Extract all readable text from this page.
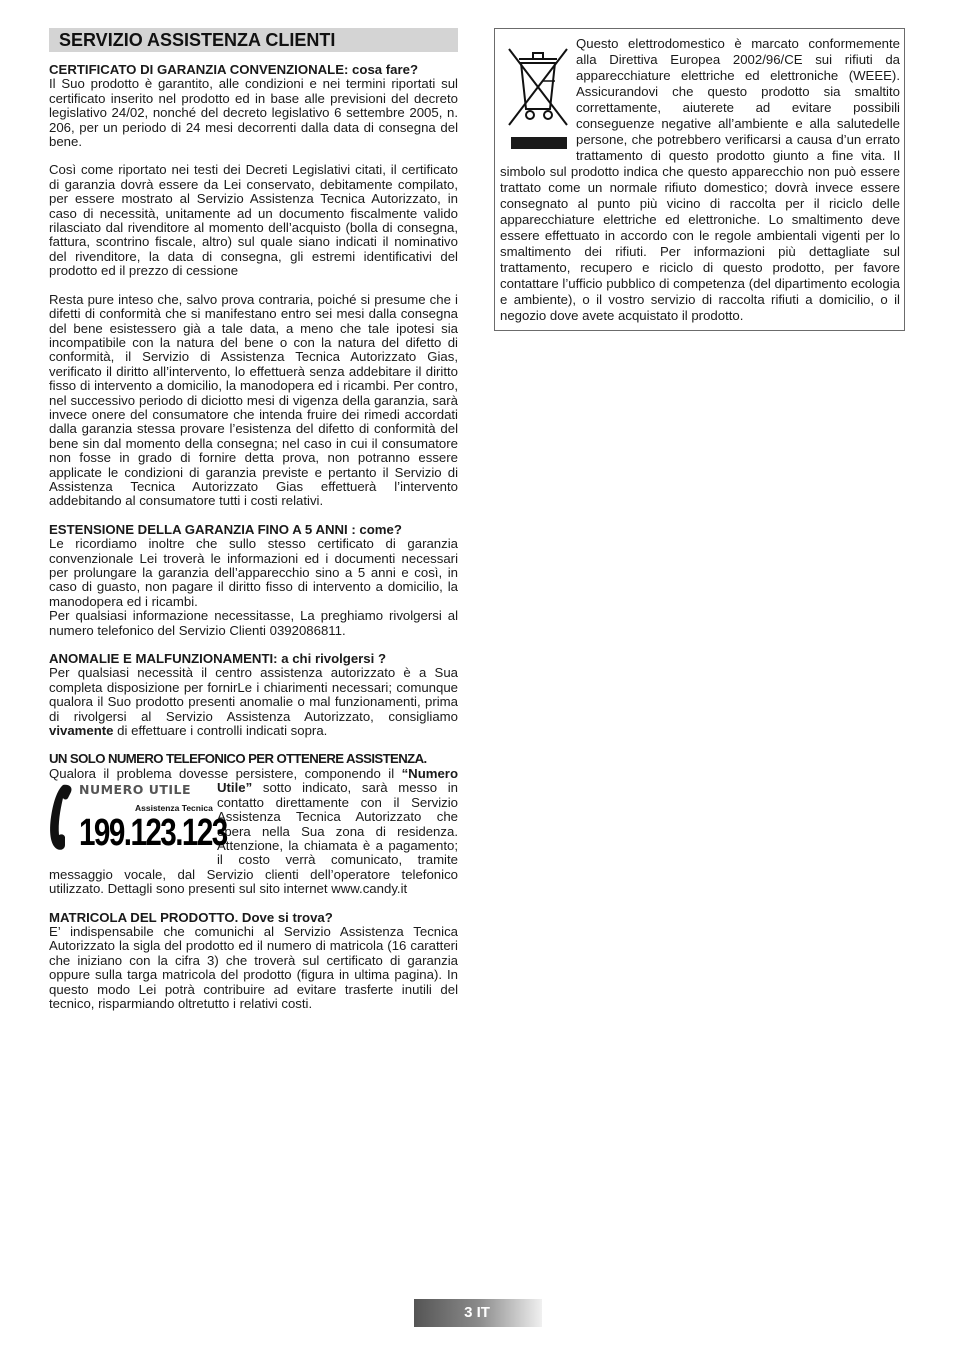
SERVIZIO ASSISTENZA CLIENTI
CERTIFICATO DI GARANZIA CONVENZIONALE: cosa fare?
Il Suo prodotto è garantito, alle condizioni e nei termini riportati sul certificato inserito nel prodotto ed in base alle previsioni del decreto legislativo 24/02, nonché del decreto legislativo 6 settembre 2005, n. 206, per un periodo di 24 mesi decorrenti dalla data di consegna del bene.
Così come riportato nei testi dei Decreti Legislativi citati, il certificato di garanzia dovrà essere da Lei conservato, debitamente compilato, per essere mostrato al Servizio Assistenza Tecnica Autorizzato, in caso di necessità, unitamente ad un documento fiscalmente valido rilasciato dal rivenditore al momento dell’acquisto (bolla di consegna, fattura, scontrino fiscale, altro) sul quale siano indicati il nominativo del rivenditore, la data di consegna, gli estremi identificativi del prodotto ed il prezzo di cessione
Resta pure inteso che, salvo prova contraria, poiché si presume che i difetti di conformità che si manifestano entro sei mesi dalla consegna del bene esistessero già a tale data, a meno che tale ipotesi sia incompatibile con la natura del bene o con la natura del difetto di conformità, il Servizio di Assistenza Tecnica Autorizzato Gias, verificato il diritto all’intervento, lo effettuerà senza addebitare il diritto fisso di intervento a domicilio, la manodopera ed i ricambi. Per contro, nel successivo periodo di diciotto mesi di vigenza della garanzia, sarà invece onere del consumatore che intenda fruire dei rimedi accordati dalla garanzia stessa provare l’esistenza del difetto di conformità del bene sin dal momento della consegna; nel caso in cui il consumatore non fosse in grado di fornire detta prova, non potranno essere applicate le condizioni di garanzia previste e pertanto il Servizio di Assistenza Tecnica Autorizzato Gias effettuerà l’intervento addebitando al consumatore tutti i costi relativi.
ESTENSIONE DELLA GARANZIA FINO A 5 ANNI : come?
Le ricordiamo inoltre che sullo stesso certificato di garanzia convenzionale Lei troverà le informazioni ed i documenti necessari per prolungare la garanzia dell’apparecchio sino a 5 anni e così, in caso di guasto, non pagare il diritto fisso di intervento a domicilio, la manodopera ed i ricambi.
Per qualsiasi informazione necessitasse, La preghiamo rivolgersi al numero telefonico del Servizio Clienti 0392086811.
ANOMALIE E MALFUNZIONAMENTI: a chi rivolgersi ?
Per qualsiasi necessità il centro assistenza autorizzato è a Sua completa disposizione per fornirLe i chiarimenti necessari; comunque qualora il Suo prodotto presenti anomalie o mal funzionamenti, prima di rivolgersi al Servizio Assistenza Autorizzato, consigliamo vivamente di effettuare i controlli indicati sopra.
UN SOLO NUMERO TELEFONICO PER OTTENERE ASSISTENZA.
Qualora il problema dovesse persistere, componendo il “Numero Utile”
NUMERO UTILE
Assistenza Tecnica
199.123.123
sotto indicato, sarà messo in contatto direttamente con il Servizio Assistenza Tecnica Autorizzato che opera nella Sua zona di residenza. Attenzione, la chiamata è a pagamento; il costo verrà comunicato, tramite messaggio vocale, dal Servizio clienti dell’operatore telefonico utilizzato. Dettagli sono presenti sul sito internet www.candy.it
MATRICOLA DEL PRODOTTO. Dove si trova?
E’ indispensabile che comunichi al Servizio Assistenza Tecnica Autorizzato la sigla del prodotto ed il numero di matricola (16 caratteri che iniziano con la cifra 3) che troverà sul certificato di garanzia oppure sulla targa matricola del prodotto (figura in ultima pagina). In questo modo Lei potrà contribuire ad evitare trasferte inutili del tecnico, risparmiando oltretutto i relativi costi.
Questo elettrodomestico è marcato conformemente alla Direttiva Europea 2002/96/CE sui rifiuti da apparecchiature elettriche ed elettroniche (WEEE). Assicurandovi che questo prodotto sia smaltito correttamente, aiuterete ad evitare possibili conseguenze negative all’ambiente e alla salutedelle persone, che potrebbero verificarsi a causa d’un errato trattamento di questo prodotto giunto a fine vita. Il simbolo sul prodotto indica che questo apparecchio non può essere trattato come un normale rifiuto domestico; dovrà invece essere consegnato al punto più vicino di raccolta per il riciclo delle apparecchiature elettriche ed elettroniche. Lo smaltimento deve essere effettuato in accordo con le regole ambientali vigenti per lo smaltimento dei rifiuti. Per informazioni più dettagliate sul trattamento, recupero e riciclo di questo prodotto, per favore contattare l’ufficio pubblico di competenza (del dipartimento ecologia e ambiente), o il vostro servizio di raccolta rifiuti a domicilio, o il negozio dove avete acquistato il prodotto.
3 IT
